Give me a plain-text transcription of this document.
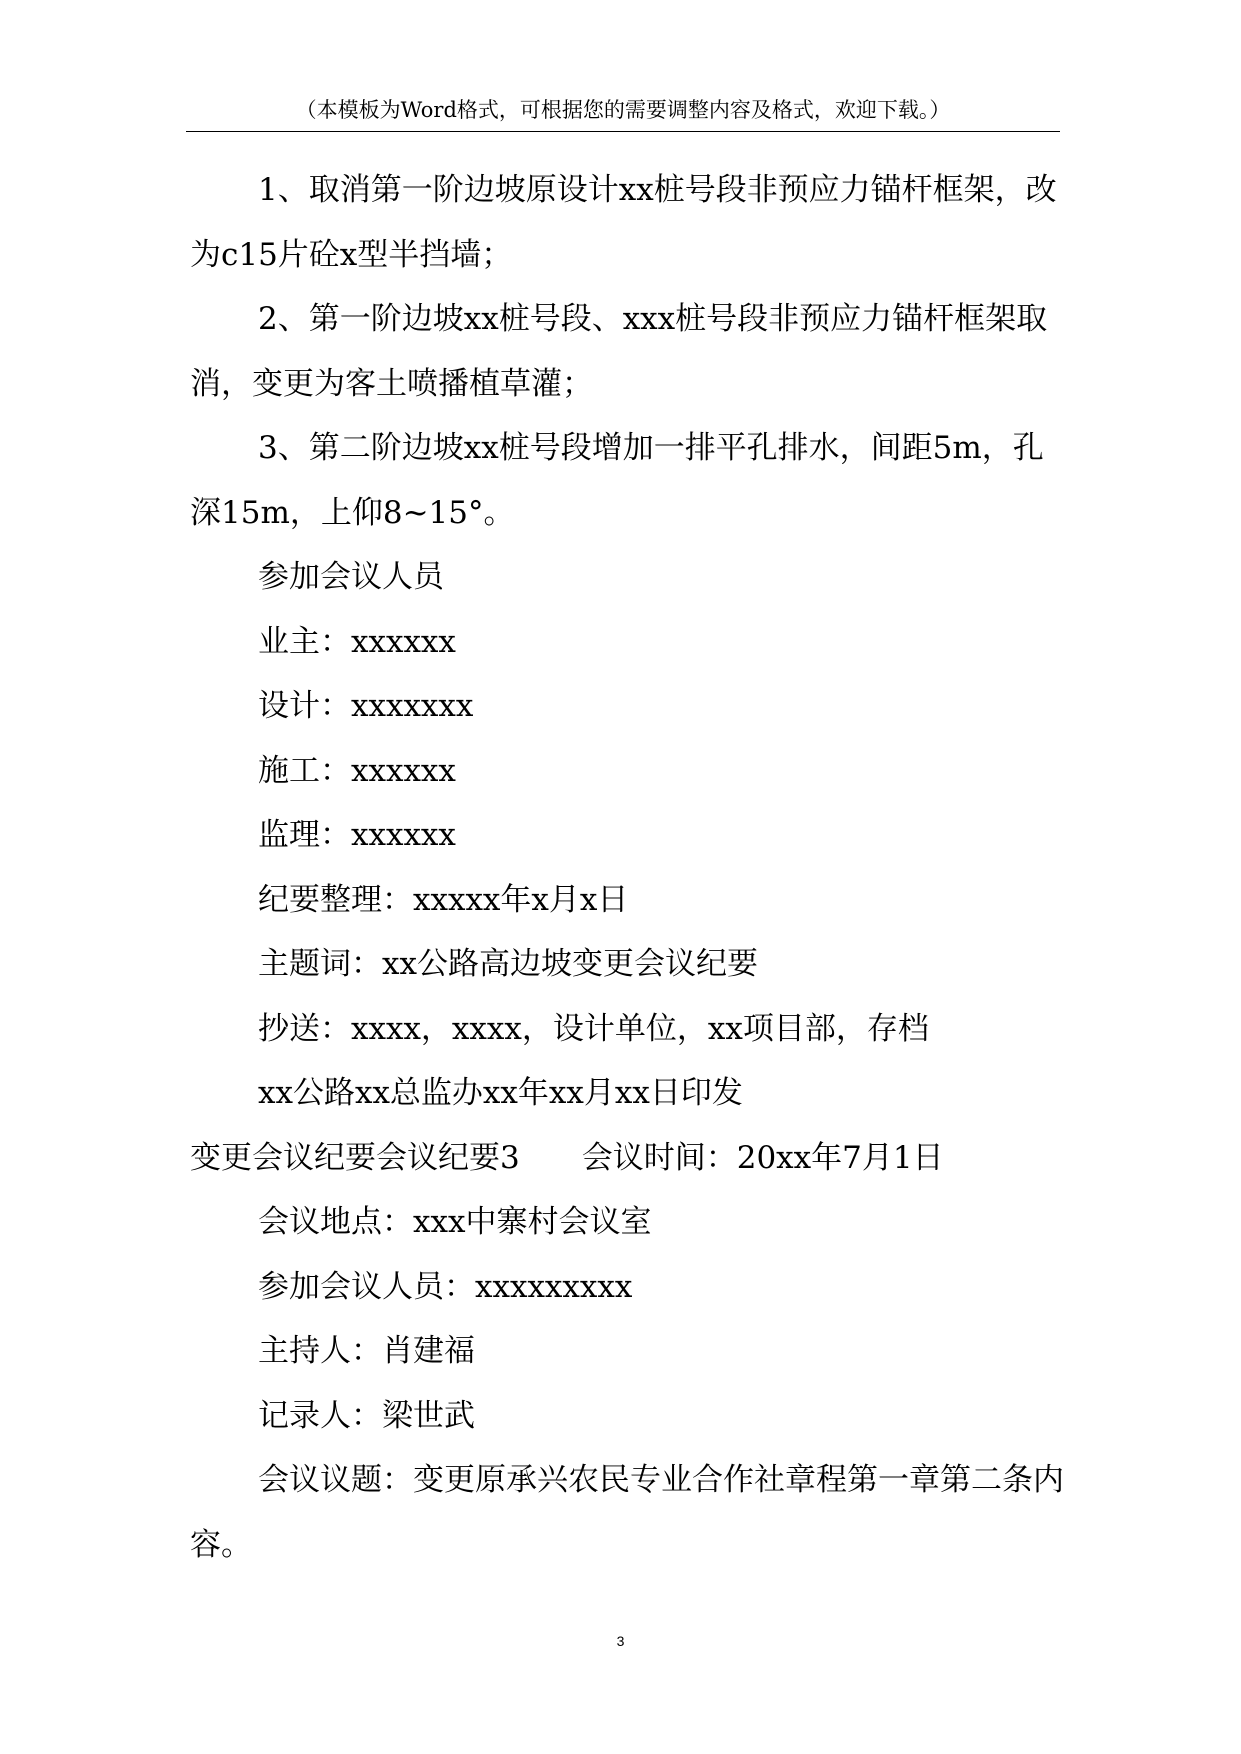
（本模板为Word格式，可根据您的需要调整内容及格式，欢迎下载。）

1、取消第一阶边坡原设计xx桩号段非预应力锚杆框架，改为c15片砼x型半挡墙；

2、第一阶边坡xx桩号段、xxx桩号段非预应力锚杆框架取消，变更为客土喷播植草灌；

3、第二阶边坡xx桩号段增加一排平孔排水，间距5m，孔深15m，上仰8~15°。

参加会议人员

业主：xxxxxx

设计：xxxxxxx

施工：xxxxxx

监理：xxxxxx

纪要整理：xxxxx年x月x日

主题词：xx公路高边坡变更会议纪要

抄送：xxxx，xxxx，设计单位，xx项目部，存档

xx公路xx总监办xx年xx月xx日印发

变更会议纪要会议纪要3　　会议时间：20xx年7月1日

会议地点：xxx中寨村会议室

参加会议人员：xxxxxxxxx

主持人：肖建福

记录人：梁世武

会议议题：变更原承兴农民专业合作社章程第一章第二条内容。

3
